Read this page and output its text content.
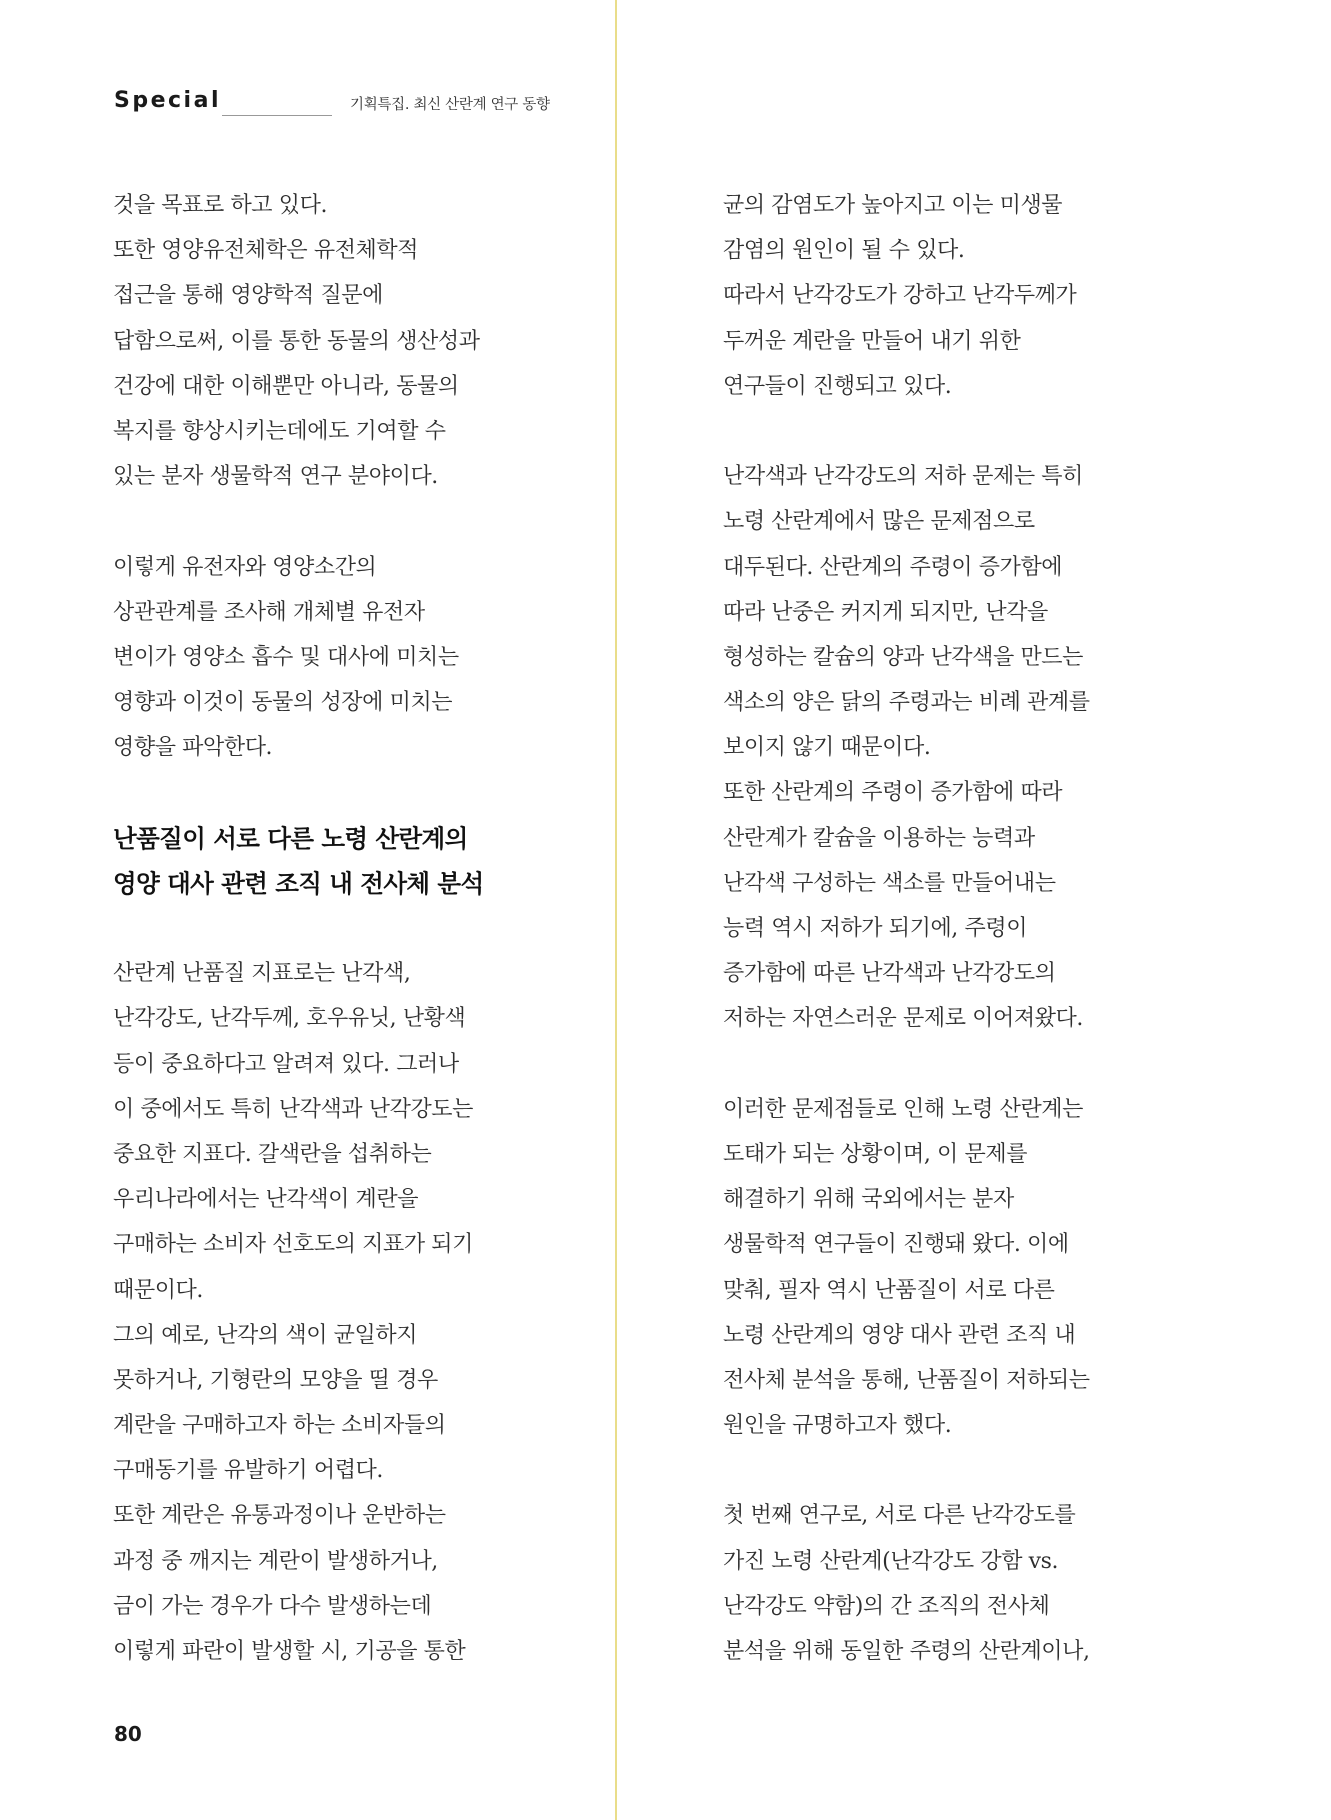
Special	기획특집. 최신 산란계 연구 동향
것을 목표로 하고 있다.
또한 영양유전체학은 유전체학적
접근을 통해 영양학적 질문에
답함으로써, 이를 통한 동물의 생산성과
건강에 대한 이해뿐만 아니라, 동물의
복지를 향상시키는데에도 기여할 수
있는 분자 생물학적 연구 분야이다.
이렇게 유전자와 영양소간의
상관관계를 조사해 개체별 유전자
변이가 영양소 흡수 및 대사에 미치는
영향과 이것이 동물의 성장에 미치는
영향을 파악한다.
난품질이 서로 다른 노령 산란계의
영양 대사 관련 조직 내 전사체 분석
산란계 난품질 지표로는 난각색,
난각강도, 난각두께, 호우유닛, 난황색
등이 중요하다고 알려져 있다. 그러나
이 중에서도 특히 난각색과 난각강도는
중요한 지표다. 갈색란을 섭취하는
우리나라에서는 난각색이 계란을
구매하는 소비자 선호도의 지표가 되기
때문이다.
그의 예로, 난각의 색이 균일하지
못하거나, 기형란의 모양을 띨 경우
계란을 구매하고자 하는 소비자들의
구매동기를 유발하기 어렵다.
또한 계란은 유통과정이나 운반하는
과정 중 깨지는 계란이 발생하거나,
금이 가는 경우가 다수 발생하는데
이렇게 파란이 발생할 시, 기공을 통한
균의 감염도가 높아지고 이는 미생물
감염의 원인이 될 수 있다.
따라서 난각강도가 강하고 난각두께가
두꺼운 계란을 만들어 내기 위한
연구들이 진행되고 있다.
난각색과 난각강도의 저하 문제는 특히
노령 산란계에서 많은 문제점으로
대두된다. 산란계의 주령이 증가함에
따라 난중은 커지게 되지만, 난각을
형성하는 칼슘의 양과 난각색을 만드는
색소의 양은 닭의 주령과는 비례 관계를
보이지 않기 때문이다.
또한 산란계의 주령이 증가함에 따라
산란계가 칼슘을 이용하는 능력과
난각색 구성하는 색소를 만들어내는
능력 역시 저하가 되기에, 주령이
증가함에 따른 난각색과 난각강도의
저하는 자연스러운 문제로 이어져왔다.
이러한 문제점들로 인해 노령 산란계는
도태가 되는 상황이며, 이 문제를
해결하기 위해 국외에서는 분자
생물학적 연구들이 진행돼 왔다. 이에
맞춰, 필자 역시 난품질이 서로 다른
노령 산란계의 영양 대사 관련 조직 내
전사체 분석을 통해, 난품질이 저하되는
원인을 규명하고자 했다.
첫 번째 연구로, 서로 다른 난각강도를
가진 노령 산란계(난각강도 강함 vs.
난각강도 약함)의 간 조직의 전사체
분석을 위해 동일한 주령의 산란계이나,
80
